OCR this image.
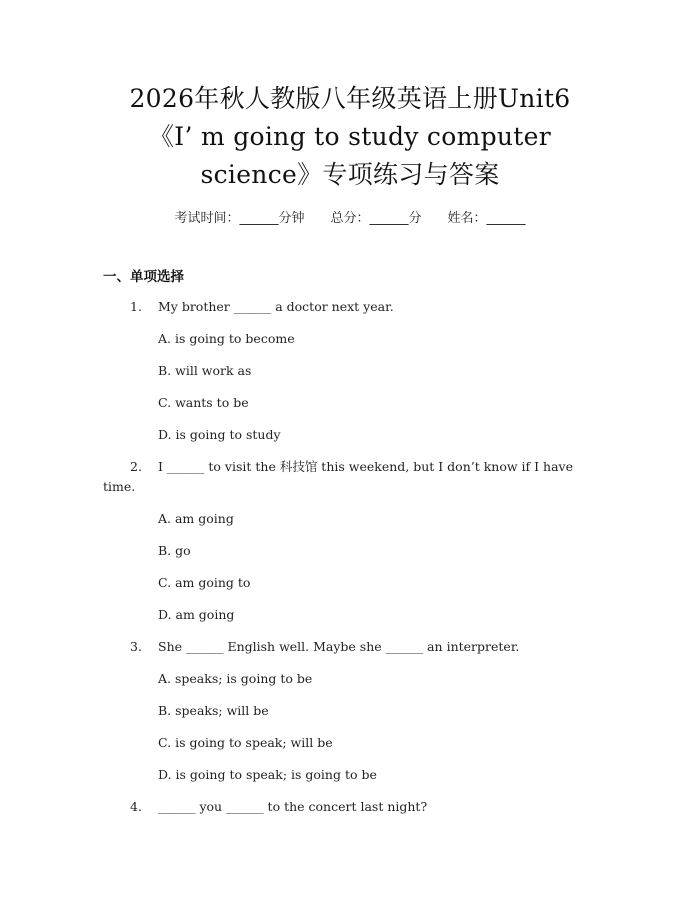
2026年秋人教版八年级英语上册Unit6
《I’ m going to study computer
science》专项练习与答案
考试时间：______分钟 总分：______分 姓名：______
一、单项选择
1. My brother ______ a doctor next year.
A. is going to become
B. will work as
C. wants to be
D. is going to study
2. I ______ to visit the 科技馆 this weekend, but I don’t know if I have time.
A. am going
B. go
C. am going to
D. am going
3. She ______ English well. Maybe she ______ an interpreter.
A. speaks; is going to be
B. speaks; will be
C. is going to speak; will be
D. is going to speak; is going to be
4. ______ you ______ to the concert last night?
